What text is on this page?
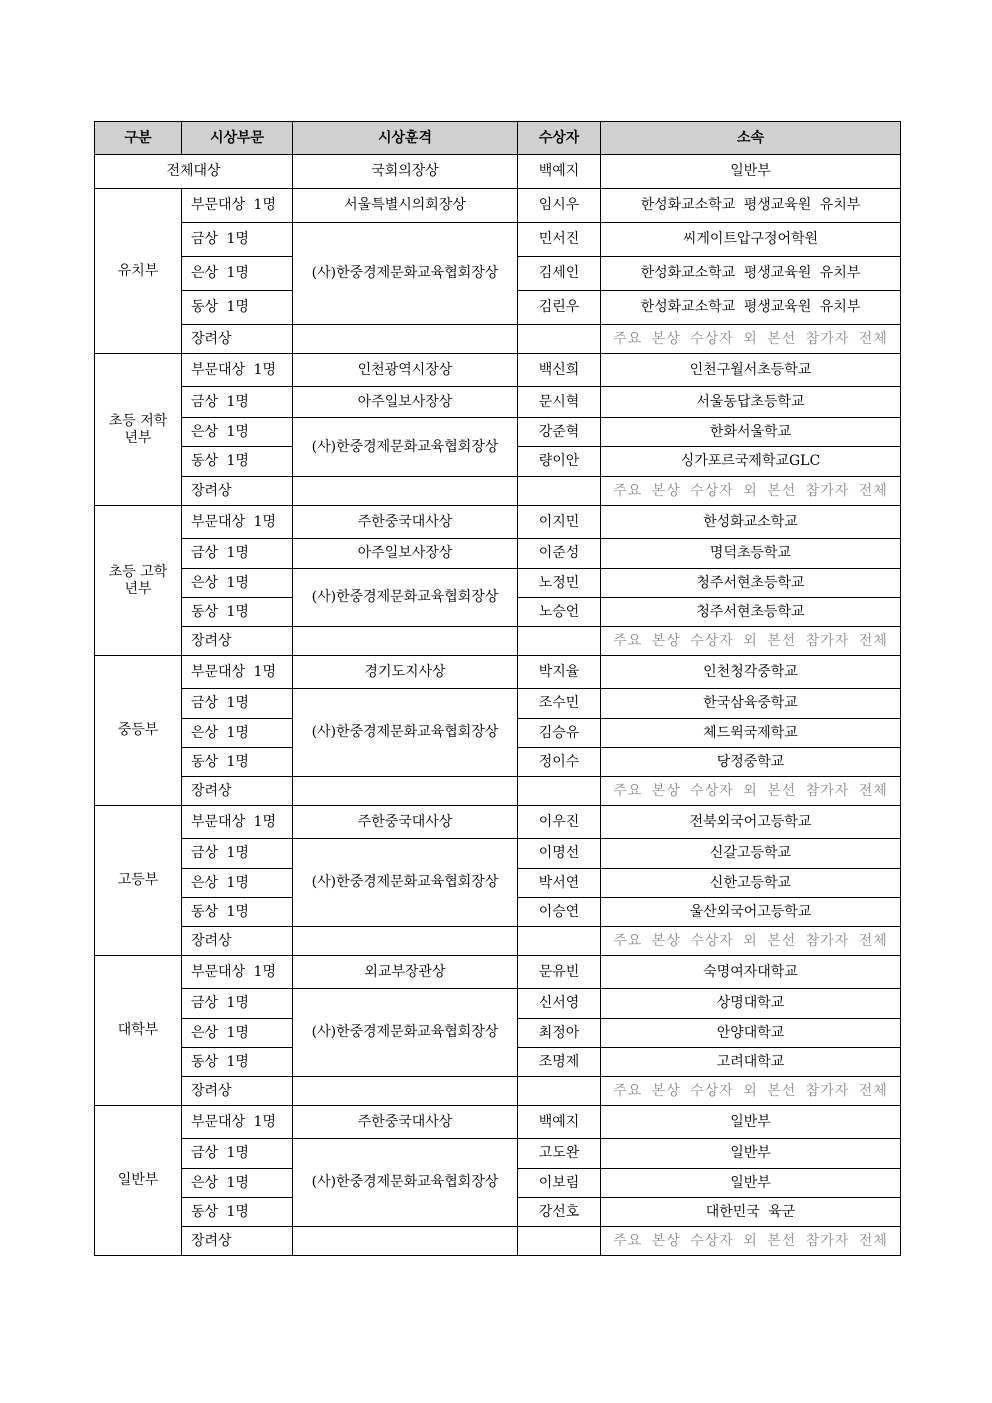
구분	시상부문	시상훈격	수상자	소속
전체대상		국회의장상	백예지	일반부
유치부	부문대상 1명	서울특별시의회장상	임시우	한성화교소학교 평생교육원 유치부
	금상 1명	(사)한중경제문화교육협회장상	민서진	씨게이트압구정어학원
	은상 1명		김세인	한성화교소학교 평생교육원 유치부
	동상 1명		김린우	한성화교소학교 평생교육원 유치부
	장려상			주요 본상 수상자 외 본선 참가자 전체

초등 저학년부	부문대상 1명	인천광역시장상	백신희	인천구월서초등학교
	금상 1명	아주일보사장상	문시혁	서울동답초등학교
	은상 1명	(사)한중경제문화교육협회장상	강준혁	한화서울학교
	동상 1명		량이안	싱가포르국제학교GLC
	장려상			주요 본상 수상자 외 본선 참가자 전체

초등 고학년부	부문대상 1명	주한중국대사상	이지민	한성화교소학교
	금상 1명	아주일보사장상	이준성	명덕초등학교
	은상 1명	(사)한중경제문화교육협회장상	노정민	청주서현초등학교
	동상 1명		노승언	청주서현초등학교
	장려상			주요 본상 수상자 외 본선 참가자 전체
중등부	부문대상 1명	경기도지사상	박지율	인천청각중학교
	금상 1명	(사)한중경제문화교육협회장상	조수민	한국삼육중학교
	은상 1명		김승유	체드윅국제학교
	동상 1명		정이수	당정중학교
	장려상			주요 본상 수상자 외 본선 참가자 전체
고등부	부문대상 1명	주한중국대사상	이우진	전북외국어고등학교
	금상 1명	(사)한중경제문화교육협회장상	이명선	신갈고등학교
	은상 1명		박서연	신한고등학교
	동상 1명		이승연	울산외국어고등학교
	장려상			주요 본상 수상자 외 본선 참가자 전체
대학부	부문대상 1명	외교부장관상	문유빈	숙명여자대학교
	금상 1명	(사)한중경제문화교육협회장상	신서영	상명대학교
	은상 1명		최정아	안양대학교
	동상 1명		조명제	고려대학교
	장려상			주요 본상 수상자 외 본선 참가자 전체
일반부	부문대상 1명	주한중국대사상	백예지	일반부
	금상 1명	(사)한중경제문화교육협회장상	고도완	일반부
	은상 1명		이보림	일반부
	동상 1명		강선호	대한민국 육군
	장려상			주요 본상 수상자 외 본선 참가자 전체
